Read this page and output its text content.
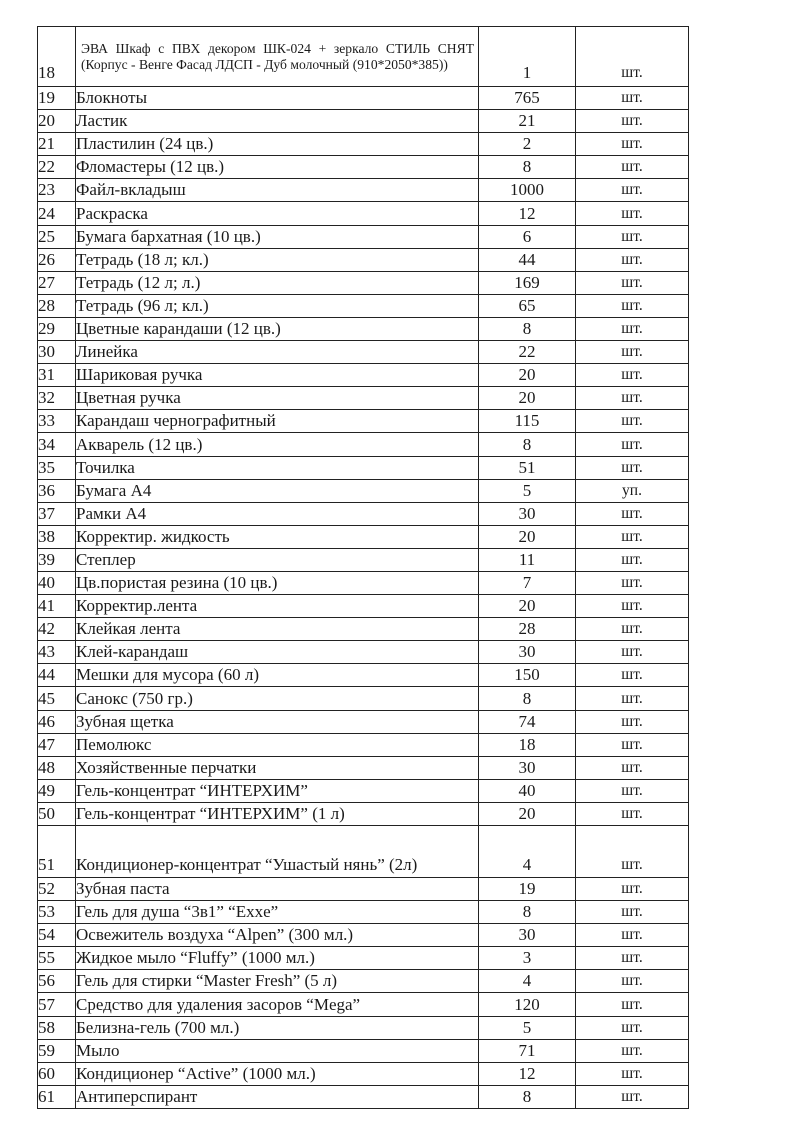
18	ЭВА Шкаф с ПВХ декором ШК-024 + зеркало СТИЛЬ СНЯТ (Корпус - Венге Фасад ЛДСП - Дуб молочный (910*2050*385))	1	шт.
19	Блокноты	765	шт.
20	Ластик	21	шт.
21	Пластилин (24 цв.)	2	шт.
22	Фломастеры (12 цв.)	8	шт.
23	Файл-вкладыш	1000	шт.
24	Раскраска	12	шт.
25	Бумага бархатная (10 цв.)	6	шт.
26	Тетрадь (18 л; кл.)	44	шт.
27	Тетрадь (12 л; л.)	169	шт.
28	Тетрадь (96 л; кл.)	65	шт.
29	Цветные карандаши (12 цв.)	8	шт.
30	Линейка	22	шт.
31	Шариковая ручка	20	шт.
32	Цветная ручка	20	шт.
33	Карандаш чернографитный	115	шт.
34	Акварель (12 цв.)	8	шт.
35	Точилка	51	шт.
36	Бумага А4	5	уп.
37	Рамки А4	30	шт.
38	Корректир. жидкость	20	шт.
39	Степлер	11	шт.
40	Цв.пористая резина (10 цв.)	7	шт.
41	Корректир.лента	20	шт.
42	Клейкая лента	28	шт.
43	Клей-карандаш	30	шт.
44	Мешки для мусора (60 л)	150	шт.
45	Санокс (750 гр.)	8	шт.
46	Зубная щетка	74	шт.
47	Пемолюкс	18	шт.
48	Хозяйственные перчатки	30	шт.
49	Гель-концентрат “ИНТЕРХИМ”	40	шт.
50	Гель-концентрат “ИНТЕРХИМ” (1 л)	20	шт.
51	Кондиционер-концентрат “Ушастый нянь” (2л)	4	шт.
52	Зубная паста	19	шт.
53	Гель для душа “3в1” “Exxe”	8	шт.
54	Освежитель воздуха “Alpen” (300 мл.)	30	шт.
55	Жидкое мыло “Fluffy” (1000 мл.)	3	шт.
56	Гель для стирки “Master Fresh” (5 л)	4	шт.
57	Средство для удаления засоров “Mega”	120	шт.
58	Белизна-гель (700 мл.)	5	шт.
59	Мыло	71	шт.
60	Кондиционер “Active” (1000 мл.)	12	шт.
61	Антиперспирант	8	шт.
